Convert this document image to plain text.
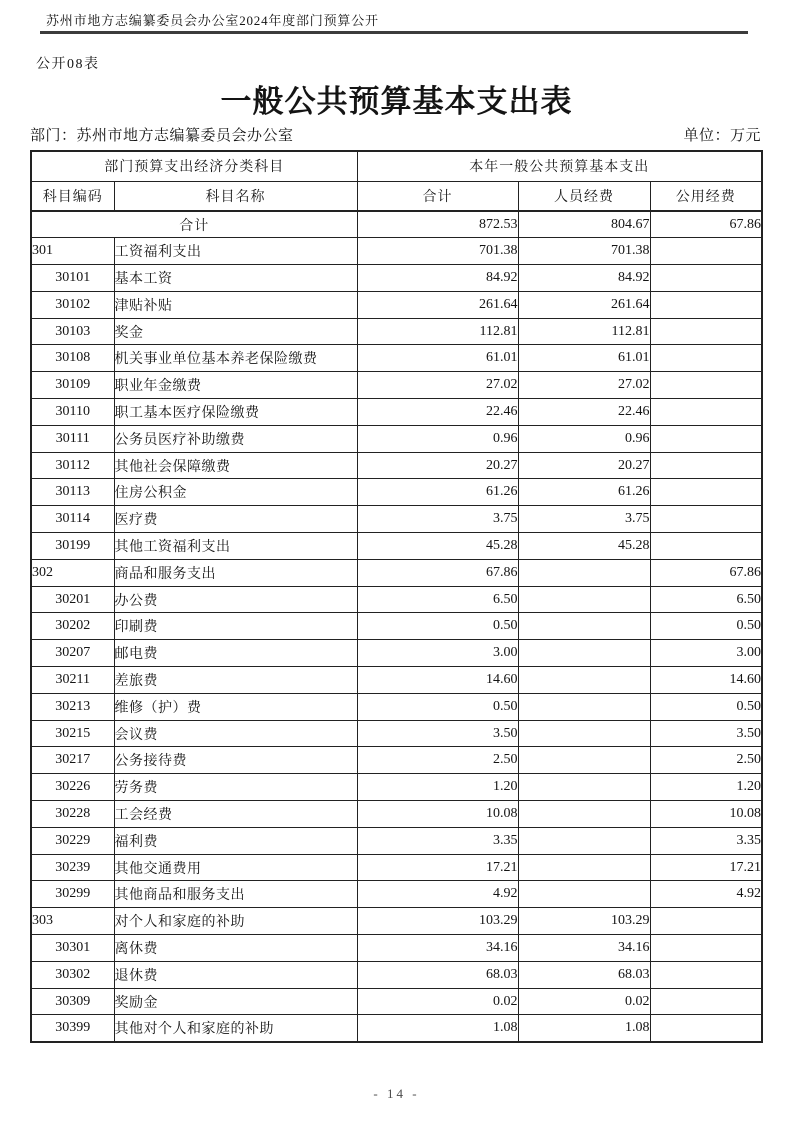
苏州市地方志编纂委员会办公室2024年度部门预算公开
公开08表
一般公共预算基本支出表
部门：苏州市地方志编纂委员会办公室	单位：万元
部门预算支出经济分类科目		本年一般公共预算基本支出		
科目编码	科目名称	合计	人员经费	公用经费
合计		872.53	804.67	67.86
301	工资福利支出	701.38	701.38	
30101	基本工资	84.92	84.92	
30102	津贴补贴	261.64	261.64	
30103	奖金	112.81	112.81	
30108	机关事业单位基本养老保险缴费	61.01	61.01	
30109	职业年金缴费	27.02	27.02	
30110	职工基本医疗保险缴费	22.46	22.46	
30111	公务员医疗补助缴费	0.96	0.96	
30112	其他社会保障缴费	20.27	20.27	
30113	住房公积金	61.26	61.26	
30114	医疗费	3.75	3.75	
30199	其他工资福利支出	45.28	45.28	
302	商品和服务支出	67.86		67.86
30201	办公费	6.50		6.50
30202	印刷费	0.50		0.50
30207	邮电费	3.00		3.00
30211	差旅费	14.60		14.60
30213	维修（护）费	0.50		0.50
30215	会议费	3.50		3.50
30217	公务接待费	2.50		2.50
30226	劳务费	1.20		1.20
30228	工会经费	10.08		10.08
30229	福利费	3.35		3.35
30239	其他交通费用	17.21		17.21
30299	其他商品和服务支出	4.92		4.92
303	对个人和家庭的补助	103.29	103.29	
30301	离休费	34.16	34.16	
30302	退休费	68.03	68.03	
30309	奖励金	0.02	0.02	
30399	其他对个人和家庭的补助	1.08	1.08	
- 14 -
